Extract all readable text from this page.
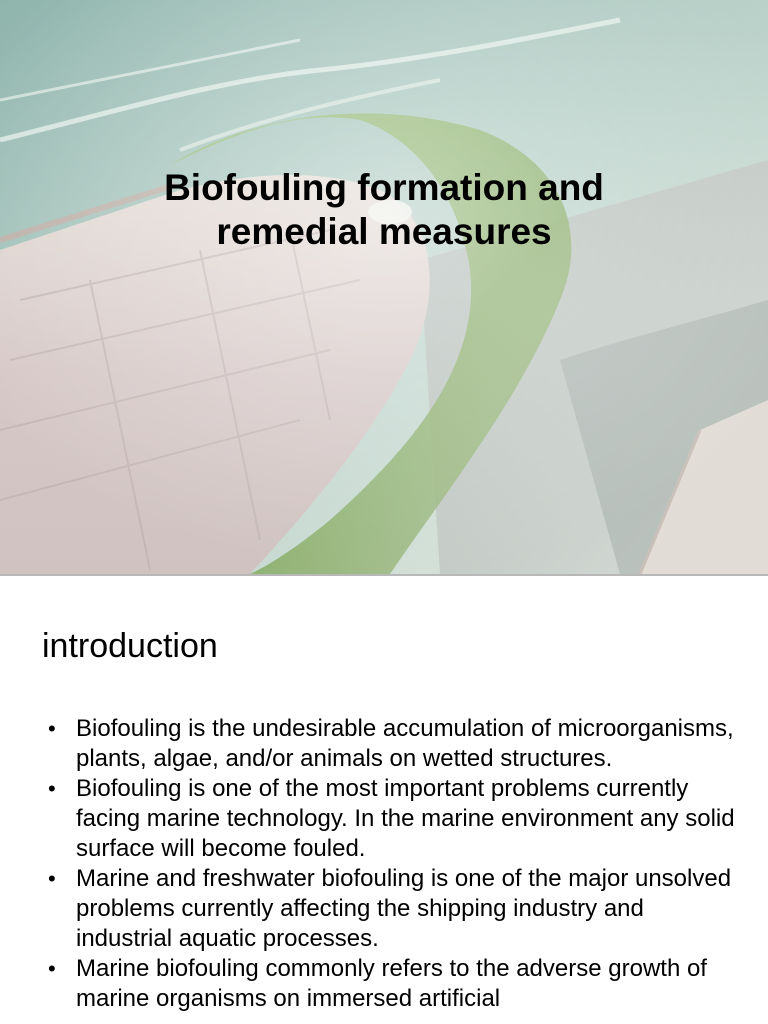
Biofouling formation and
remedial measures
introduction
• Biofouling is the undesirable accumulation of microorganisms, plants, algae, and/or animals on wetted structures.
• Biofouling is one of the most important problems currently facing marine technology. In the marine environment any solid surface will become fouled.
• Marine and freshwater biofouling is one of the major unsolved problems currently affecting the shipping industry and industrial aquatic processes.
• Marine biofouling commonly refers to the adverse growth of marine organisms on immersed artificial
